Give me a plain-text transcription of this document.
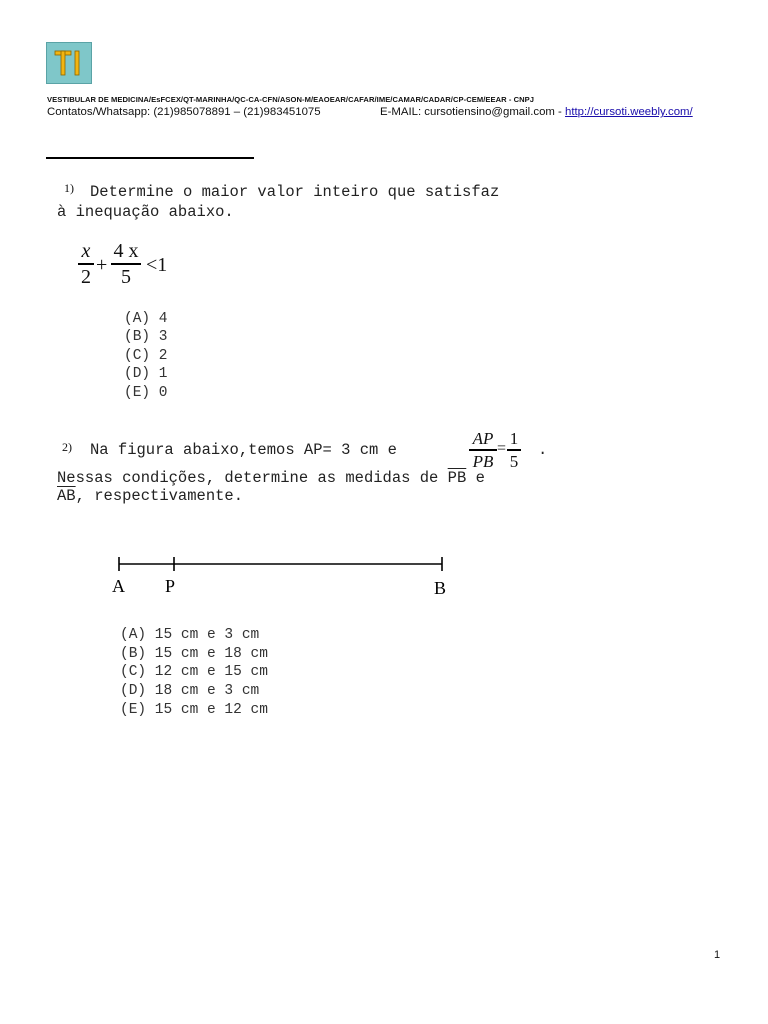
VESTIBULAR DE MEDICINA/EsFCEX/QT-MARINHA/QC-CA-CFN/ASON-M/EAOEAR/CAFAR/IME/CAMAR/CADAR/CP-CEM/EEAR - CNPJ
Contatos/Whatsapp: (21)985078891 – (21)983451075	E-MAIL: cursotiensino@gmail.com - http://cursoti.weebly.com/
1) Determine o maior valor inteiro que satisfaz
à inequação abaixo.
x
2
+
4 x
5
<1
(A) 4
(B) 3
(C) 2
(D) 1
(E) 0
2) Na figura abaixo,temos AP= 3 cm e
AP
PB
=
1
5
.
Nessas condições, determine as medidas de $\overline{PB}$ e
$\overline{AB}$, respectivamente.
A P	B
(A) 15 cm e 3 cm
(B) 15 cm e 18 cm
(C) 12 cm e 15 cm
(D) 18 cm e 3 cm
(E) 15 cm e 12 cm
1
